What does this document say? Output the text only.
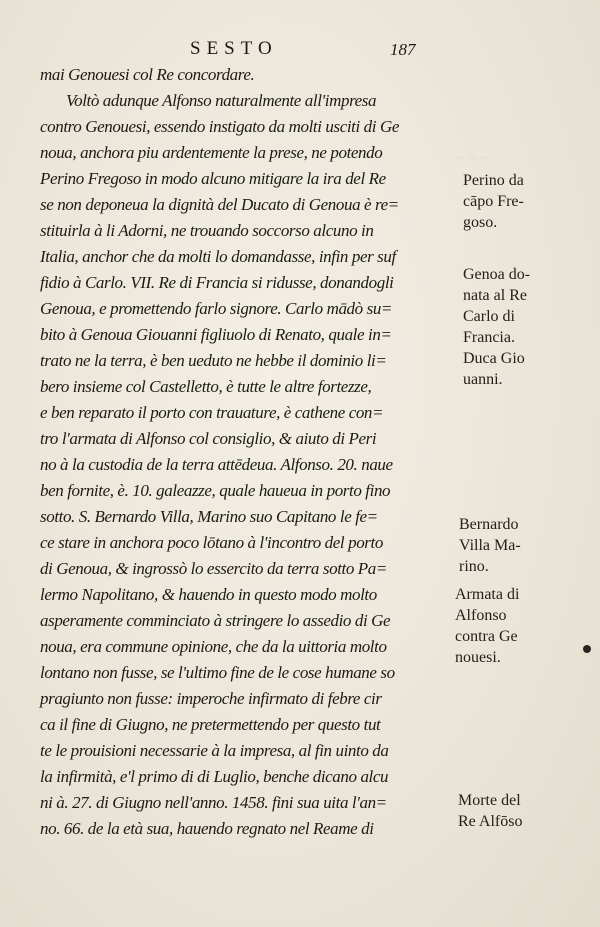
~ ~ ~
SESTO	187
mai Genouesi col Re concordare.
Voltò adunque Alfonso naturalmente all'impresa
contro Genouesi, essendo instigato da molti usciti di Ge
noua, anchora piu ardentemente la prese, ne potendo
Perino Fregoso in modo alcuno mitigare la ira del Re
se non deponeua la dignità del Ducato di Genoua è re=
stituirla à li Adorni, ne trouando soccorso alcuno in
Italia, anchor che da molti lo domandasse, infin per suf
fidio à Carlo. VII. Re di Francia si ridusse, donandogli
Genoua, e promettendo farlo signore. Carlo mādò su=
bito à Genoua Giouanni figliuolo di Renato, quale in=
trato ne la terra, è ben ueduto ne hebbe il dominio li=
bero insieme col Castelletto, è tutte le altre fortezze,
e ben reparato il porto con trauature, è cathene con=
tro l'armata di Alfonso col consiglio, & aiuto di Peri
no à la custodia de la terra attēdeua. Alfonso. 20. naue
ben fornite, è. 10. galeazze, quale haueua in porto fino
sotto. S. Bernardo Villa, Marino suo Capitano le fe=
ce stare in anchora poco lōtano à l'incontro del porto
di Genoua, & ingrossò lo essercito da terra sotto Pa=
lermo Napolitano, & hauendo in questo modo molto
asperamente comminciato à stringere lo assedio di Ge
noua, era commune opinione, che da la uittoria molto
lontano non fusse, se l'ultimo fine de le cose humane so
pragiunto non fusse: imperoche infirmato di febre cir
ca il fine di Giugno, ne pretermettendo per questo tut
te le prouisioni necessarie à la impresa, al fin uinto da
la infirmità, e'l primo di di Luglio, benche dicano alcu
ni à. 27. di Giugno nell'anno. 1458. fini sua uita l'an=
no. 66. de la età sua, hauendo regnato nel Reame di
Perino da
cāpo Fre-
goso.
Genoa do-
nata al Re
Carlo di
Francia.
Duca Gio
uanni.
Bernardo
Villa Ma-
rino.
Armata di
Alfonso
contra Ge
nouesi.
Morte del
Re Alfōso
